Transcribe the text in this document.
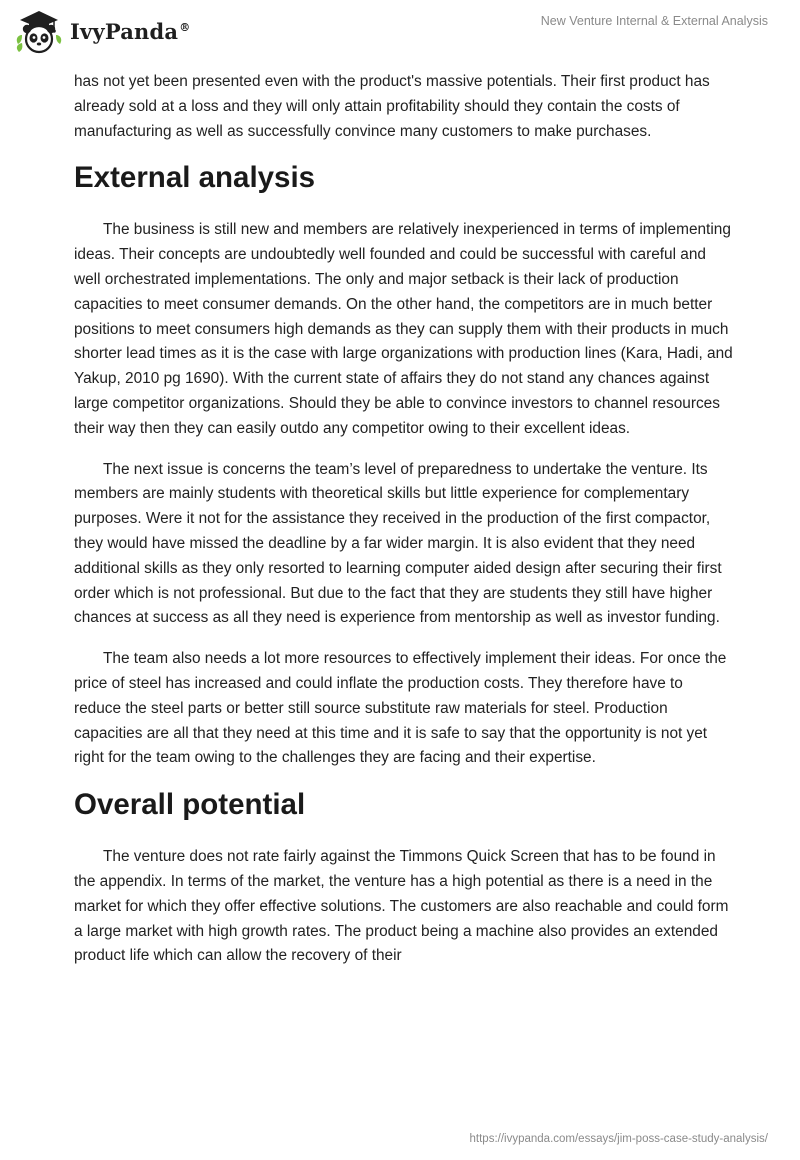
IvyPanda®	New Venture Internal & External Analysis

has not yet been presented even with the product's massive potentials. Their first product has already sold at a loss and they will only attain profitability should they contain the costs of manufacturing as well as successfully convince many customers to make purchases.

External analysis

The business is still new and members are relatively inexperienced in terms of implementing ideas. Their concepts are undoubtedly well founded and could be successful with careful and well orchestrated implementations. The only and major setback is their lack of production capacities to meet consumer demands. On the other hand, the competitors are in much better positions to meet consumers high demands as they can supply them with their products in much shorter lead times as it is the case with large organizations with production lines (Kara, Hadi, and Yakup, 2010 pg 1690). With the current state of affairs they do not stand any chances against large competitor organizations. Should they be able to convince investors to channel resources their way then they can easily outdo any competitor owing to their excellent ideas.

The next issue is concerns the team’s level of preparedness to undertake the venture. Its members are mainly students with theoretical skills but little experience for complementary purposes. Were it not for the assistance they received in the production of the first compactor, they would have missed the deadline by a far wider margin. It is also evident that they need additional skills as they only resorted to learning computer aided design after securing their first order which is not professional. But due to the fact that they are students they still have higher chances at success as all they need is experience from mentorship as well as investor funding.

The team also needs a lot more resources to effectively implement their ideas. For once the price of steel has increased and could inflate the production costs. They therefore have to reduce the steel parts or better still source substitute raw materials for steel. Production capacities are all that they need at this time and it is safe to say that the opportunity is not yet right for the team owing to the challenges they are facing and their expertise.

Overall potential

The venture does not rate fairly against the Timmons Quick Screen that has to be found in the appendix. In terms of the market, the venture has a high potential as there is a need in the market for which they offer effective solutions. The customers are also reachable and could form a large market with high growth rates. The product being a machine also provides an extended product life which can allow the recovery of their

https://ivypanda.com/essays/jim-poss-case-study-analysis/
